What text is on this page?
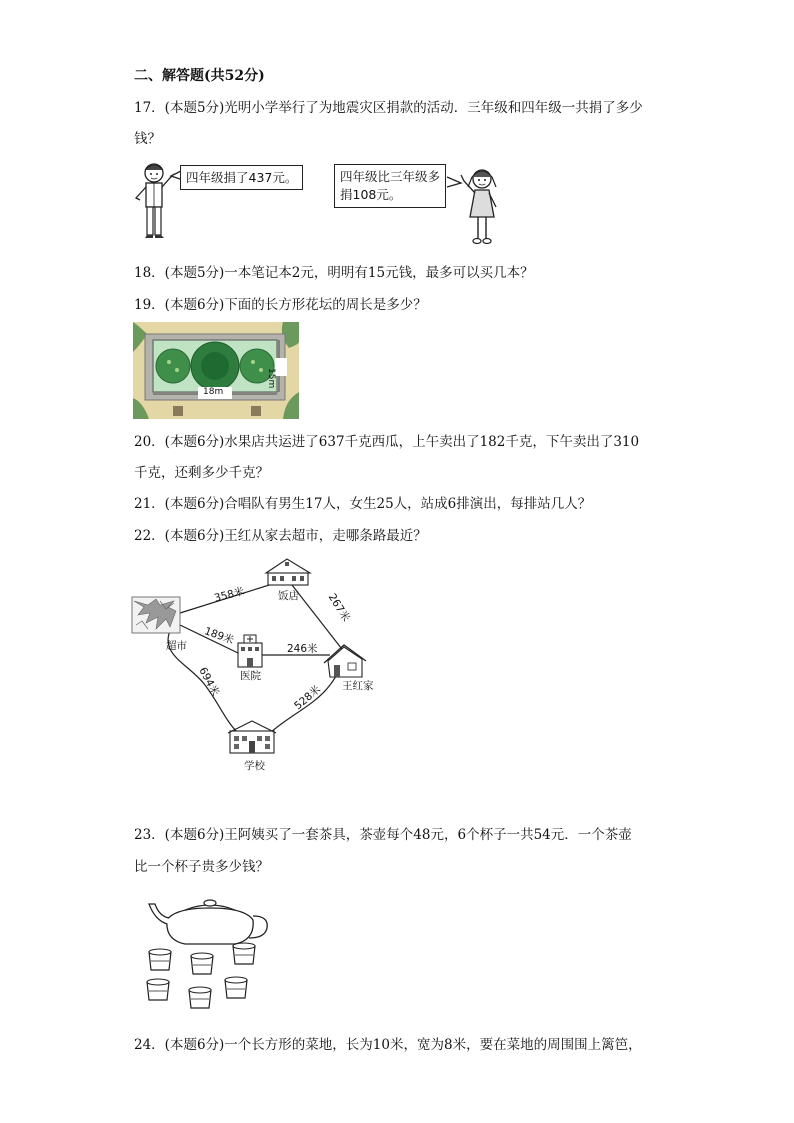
二、解答题(共52分)
17．(本题5分)光明小学举行了为地震灾区捐款的活动．三年级和四年级一共捐了多少
钱？
四年级捐了437元。	四年级比三年级多
捐108元。
18．(本题5分)一本笔记本2元，明明有15元钱，最多可以买几本？
19．(本题6分)下面的长方形花坛的周长是多少？
18m
15m
20．(本题6分)水果店共运进了637千克西瓜，上午卖出了182千克，下午卖出了310
千克，还剩多少千克？
21．(本题6分)合唱队有男生17人，女生25人，站成6排演出，每排站几人？
22．(本题6分)王红从家去超市，走哪条路最近？
358米	267米
189米
246米
694米	528米
超市
饭店
医院
王红家
学校
23．(本题6分)王阿姨买了一套茶具，茶壶每个48元，6个杯子一共54元．一个茶壶
比一个杯子贵多少钱？
24．(本题6分)一个长方形的菜地，长为10米，宽为8米，要在菜地的周围围上篱笆，
